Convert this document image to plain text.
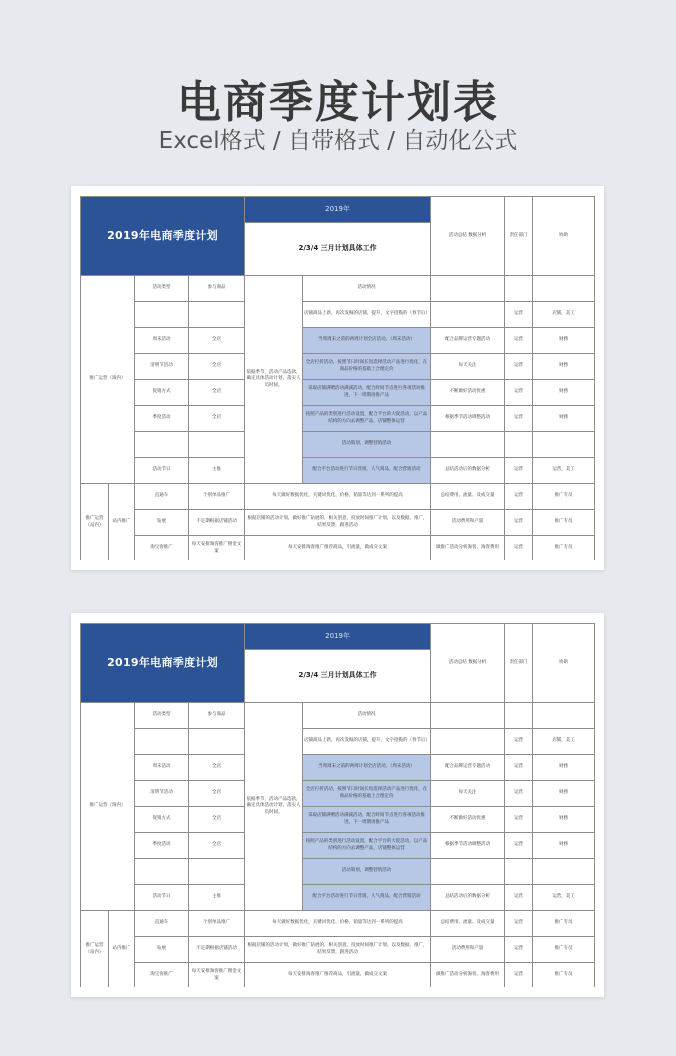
电商季度计划表
Excel格式 / 自带格式 / 自动化公式
2019年电商季度计划				2019年		活动总结 数据分析	责任部门	协助
				2/3/4 三月计划具体工作				
推广运营（淘内）		活动类型	参与商品	依据季节，活动产品选款，确定具体活动计划，落实人员时间。	活动情况			
					店铺商品上新，再次发掘的店铺，提升，文字招揽的（春节后）		运营	店铺，美工
		周末活动	全店		当周周末之前的两周计划全店活动。（周末活动）	配合品牌运营专题活动	运营	财務
		清明节活动	全店		全店打折活动，按照节日时间长短选择活动产品进行优化，在商品价格的基础上合理定价	每天关注	运营	财務
		促销方式	全店		采取店铺满赠活动满减活动，配合时间节点进行各项活动推进，下一周期再推产品	不断做好活动优惠	运营	财務
		季度活动	全店		按照产品的类别进行活动设置，配合平台的大促活动，以产品结构的方向去调整产品，店铺整体运营	根据季节活动调整活动	运营	财務
					活动策划，调整营销活动			
		活动节日	主推		配合平台活动进行节日营销，人气商品，配合营销活动	总结活动后的数据分析	运营	运营，美工
推广运营（站内）	站内推广	直通车	个别单品推广	每天做好数据优化，关键词优化，价格，销量等达到一系列的提高		总结费用、流量、及成交量	运营	推广专员
		钻展	不定期根据店铺活动	根据店铺的活动计划，做好推广钻展的，相关创意、投放时间推广计划，以及数据，推广，结果反馈，跟进活动		活动费用和产量	运营	推广专员
		淘宝客推广	每天安排淘客推广佣金文案	每天安排淘客推广推荐商品，引流量，做成交文案		做推广活动分析淘客，淘客费用	运营	推广专员
2019年电商季度计划				2019年		活动总结 数据分析	责任部门	协助
				2/3/4 三月计划具体工作				
推广运营（淘内）		活动类型	参与商品	依据季节，活动产品选款，确定具体活动计划，落实人员时间。	活动情况			
					店铺商品上新，再次发掘的店铺，提升，文字招揽的（春节后）		运营	店铺，美工
		周末活动	全店		当周周末之前的两周计划全店活动。（周末活动）	配合品牌运营专题活动	运营	财務
		清明节活动	全店		全店打折活动，按照节日时间长短选择活动产品进行优化，在商品价格的基础上合理定价	每天关注	运营	财務
		促销方式	全店		采取店铺满赠活动满减活动，配合时间节点进行各项活动推进，下一周期再推产品	不断做好活动优惠	运营	财務
		季度活动	全店		按照产品的类别进行活动设置，配合平台的大促活动，以产品结构的方向去调整产品，店铺整体运营	根据季节活动调整活动	运营	财務
					活动策划，调整营销活动			
		活动节日	主推		配合平台活动进行节日营销，人气商品，配合营销活动	总结活动后的数据分析	运营	运营，美工
推广运营（站内）	站内推广	直通车	个别单品推广	每天做好数据优化，关键词优化，价格，销量等达到一系列的提高		总结费用、流量、及成交量	运营	推广专员
		钻展	不定期根据店铺活动	根据店铺的活动计划，做好推广钻展的，相关创意、投放时间推广计划，以及数据，推广，结果反馈，跟进活动		活动费用和产量	运营	推广专员
		淘宝客推广	每天安排淘客推广佣金文案	每天安排淘客推广推荐商品，引流量，做成交文案		做推广活动分析淘客，淘客费用	运营	推广专员
